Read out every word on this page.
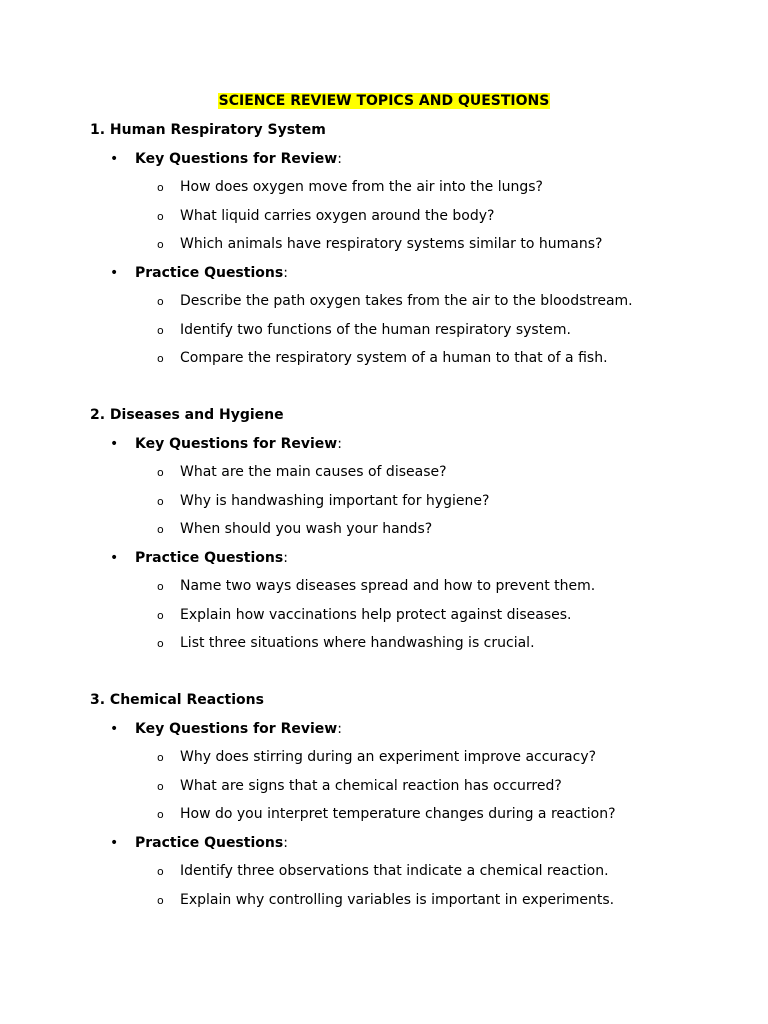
SCIENCE REVIEW TOPICS AND QUESTIONS
1. Human Respiratory System
• Key Questions for Review:
o How does oxygen move from the air into the lungs?
o What liquid carries oxygen around the body?
o Which animals have respiratory systems similar to humans?
• Practice Questions:
o Describe the path oxygen takes from the air to the bloodstream.
o Identify two functions of the human respiratory system.
o Compare the respiratory system of a human to that of a fish.
2. Diseases and Hygiene
• Key Questions for Review:
o What are the main causes of disease?
o Why is handwashing important for hygiene?
o When should you wash your hands?
• Practice Questions:
o Name two ways diseases spread and how to prevent them.
o Explain how vaccinations help protect against diseases.
o List three situations where handwashing is crucial.
3. Chemical Reactions
• Key Questions for Review:
o Why does stirring during an experiment improve accuracy?
o What are signs that a chemical reaction has occurred?
o How do you interpret temperature changes during a reaction?
• Practice Questions:
o Identify three observations that indicate a chemical reaction.
o Explain why controlling variables is important in experiments.
